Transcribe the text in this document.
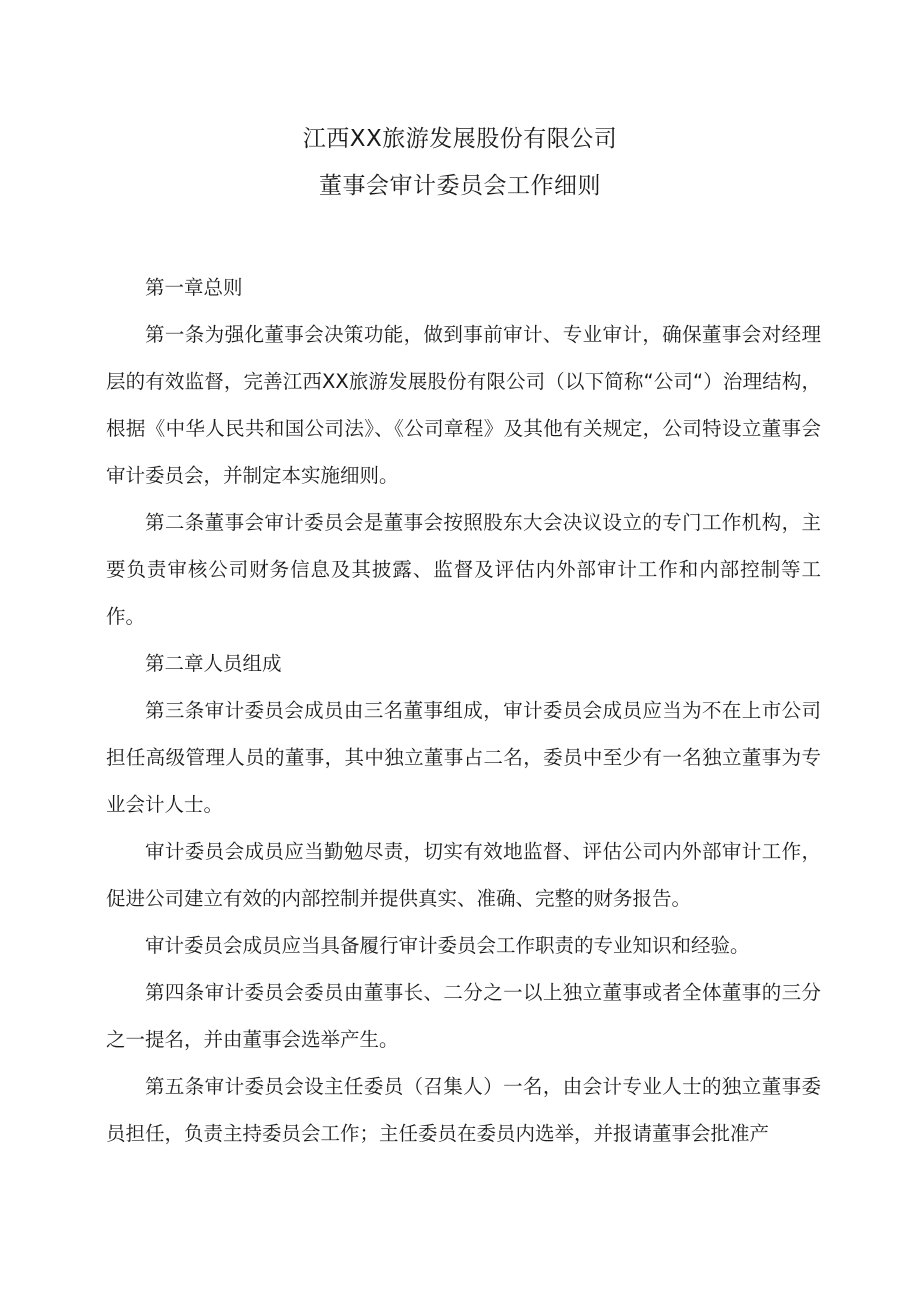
江西XX旅游发展股份有限公司
董事会审计委员会工作细则

第一章总则

第一条为强化董事会决策功能，做到事前审计、专业审计，确保董事会对经理层的有效监督，完善江西XX旅游发展股份有限公司（以下简称“公司“）治理结构，根据《中华人民共和国公司法》、《公司章程》及其他有关规定，公司特设立董事会审计委员会，并制定本实施细则。

第二条董事会审计委员会是董事会按照股东大会决议设立的专门工作机构，主要负责审核公司财务信息及其披露、监督及评估内外部审计工作和内部控制等工作。

第二章人员组成

第三条审计委员会成员由三名董事组成，审计委员会成员应当为不在上市公司担任高级管理人员的董事，其中独立董事占二名，委员中至少有一名独立董事为专业会计人士。

审计委员会成员应当勤勉尽责，切实有效地监督、评估公司内外部审计工作，促进公司建立有效的内部控制并提供真实、准确、完整的财务报告。

审计委员会成员应当具备履行审计委员会工作职责的专业知识和经验。

第四条审计委员会委员由董事长、二分之一以上独立董事或者全体董事的三分之一提名，并由董事会选举产生。

第五条审计委员会设主任委员（召集人）一名，由会计专业人士的独立董事委员担任，负责主持委员会工作；主任委员在委员内选举，并报请董事会批准产
